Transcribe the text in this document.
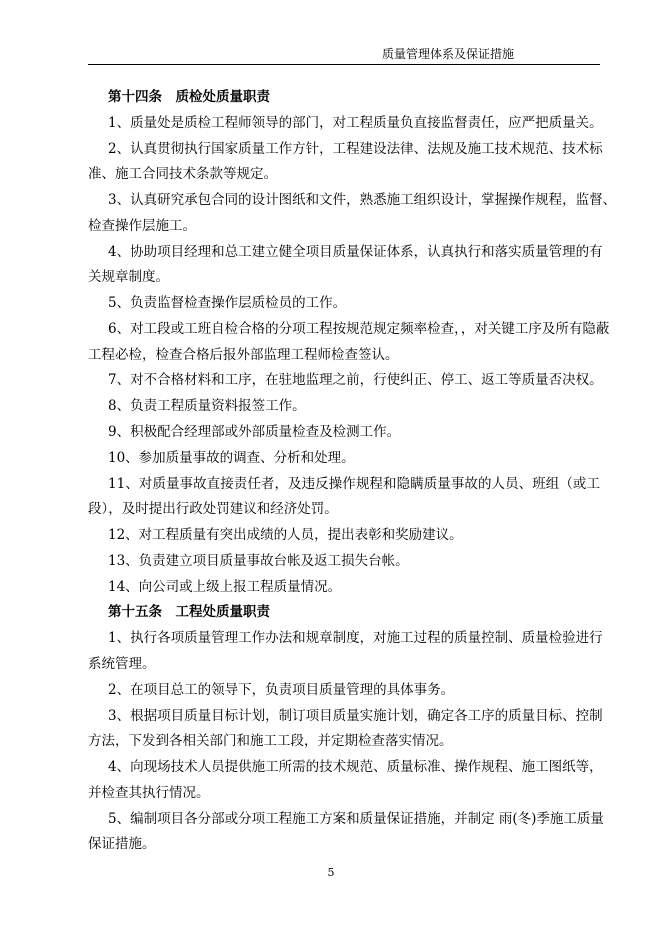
质量管理体系及保证措施
第十四条　质检处质量职责
1、质量处是质检工程师领导的部门，对工程质量负直接监督责任，应严把质量关。
2、认真贯彻执行国家质量工作方针，工程建设法律、法规及施工技术规范、技术标
准、施工合同技术条款等规定。
3、认真研究承包合同的设计图纸和文件，熟悉施工组织设计，掌握操作规程，监督、
检查操作层施工。
4、协助项目经理和总工建立健全项目质量保证体系，认真执行和落实质量管理的有
关规章制度。
5、负责监督检查操作层质检员的工作。
6、对工段或工班自检合格的分项工程按规范规定频率检查，，对关键工序及所有隐蔽
工程必检，检查合格后报外部监理工程师检查签认。
7、对不合格材料和工序，在驻地监理之前，行使纠正、停工、返工等质量否决权。
8、负责工程质量资料报签工作。
9、积极配合经理部或外部质量检查及检测工作。
10、参加质量事故的调查、分析和处理。
11、对质量事故直接责任者，及违反操作规程和隐瞒质量事故的人员、班组（或工
段），及时提出行政处罚建议和经济处罚。
12、对工程质量有突出成绩的人员，提出表彰和奖励建议。
13、负责建立项目质量事故台帐及返工损失台帐。
14、向公司或上级上报工程质量情况。
第十五条　工程处质量职责
1、执行各项质量管理工作办法和规章制度，对施工过程的质量控制、质量检验进行
系统管理。
2、在项目总工的领导下，负责项目质量管理的具体事务。
3、根据项目质量目标计划，制订项目质量实施计划，确定各工序的质量目标、控制
方法，下发到各相关部门和施工工段，并定期检查落实情况。
4、向现场技术人员提供施工所需的技术规范、质量标准、操作规程、施工图纸等，
并检查其执行情况。
5、编制项目各分部或分项工程施工方案和质量保证措施，并制定 雨(冬)季施工质量
保证措施。
5
